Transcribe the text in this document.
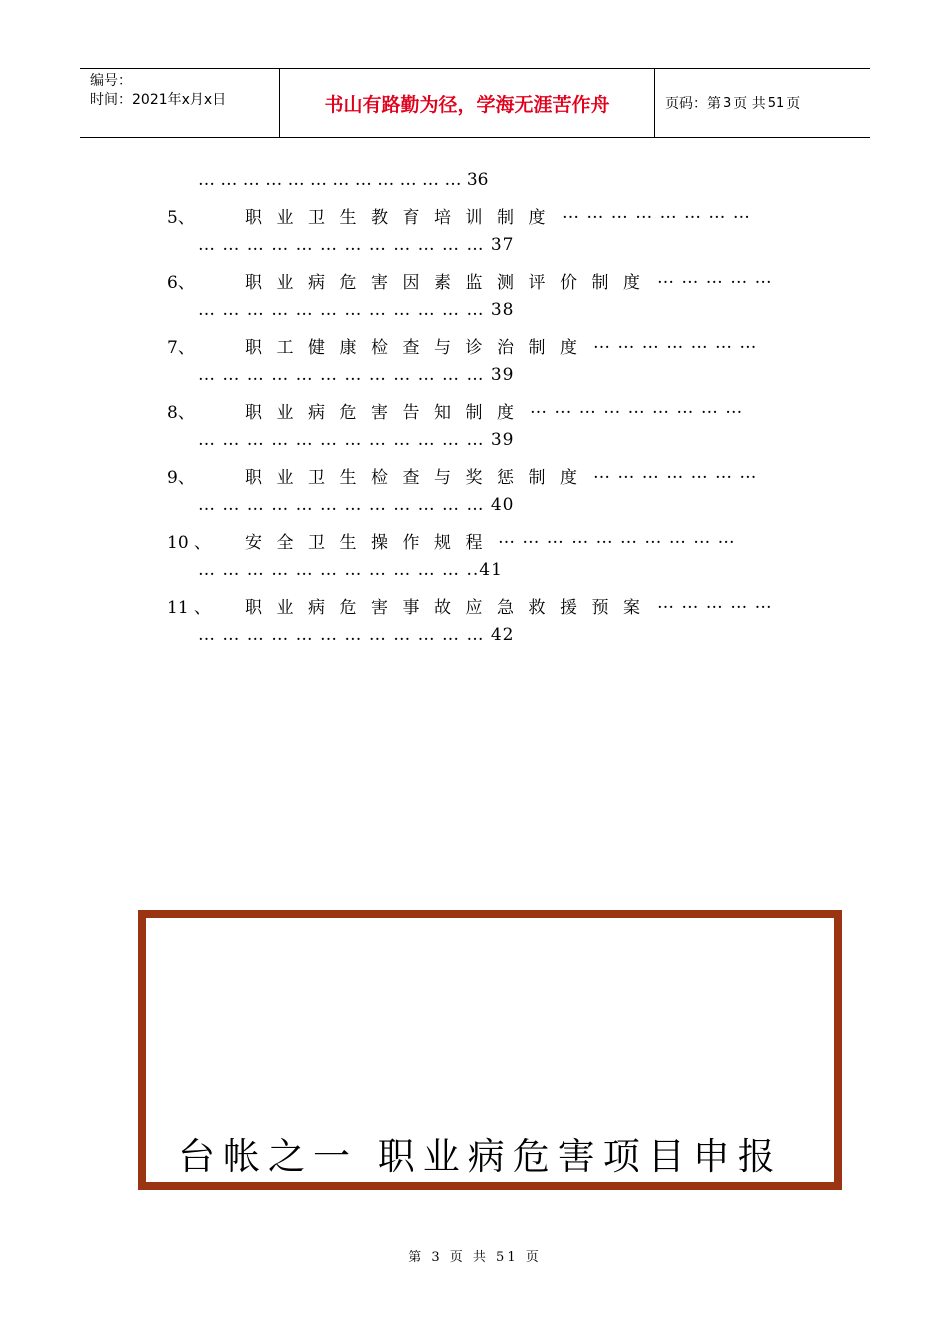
编号：
时间：2021年x月x日	书山有路勤为径，学海无涯苦作舟	页码：第 3 页 共 51 页
… … … … … … … … … … … … 36
5、	职业卫生教育培训制度 … … … … … … … …
… … … … … … … … … … … … 37
6、	职业病危害因素监测评价制度 … … … … …
… … … … … … … … … … … … 38
7、	职工健康检查与诊治制度 … … … … … … …
… … … … … … … … … … … … 39
8、	职业病危害告知制度 … … … … … … … … …
… … … … … … … … … … … … 39
9、	职业卫生检查与奖惩制度 … … … … … … …
… … … … … … … … … … … … 40
10 、 安全卫生操作规程 … … … … … … … … … …
… … … … … … … … … … … ..41
11 、 职业病危害事故应急救援预案 … … … … …
… … … … … … … … … … … … 42
台帐之一 职业病危害项目申报
第 3 页 共 51 页
